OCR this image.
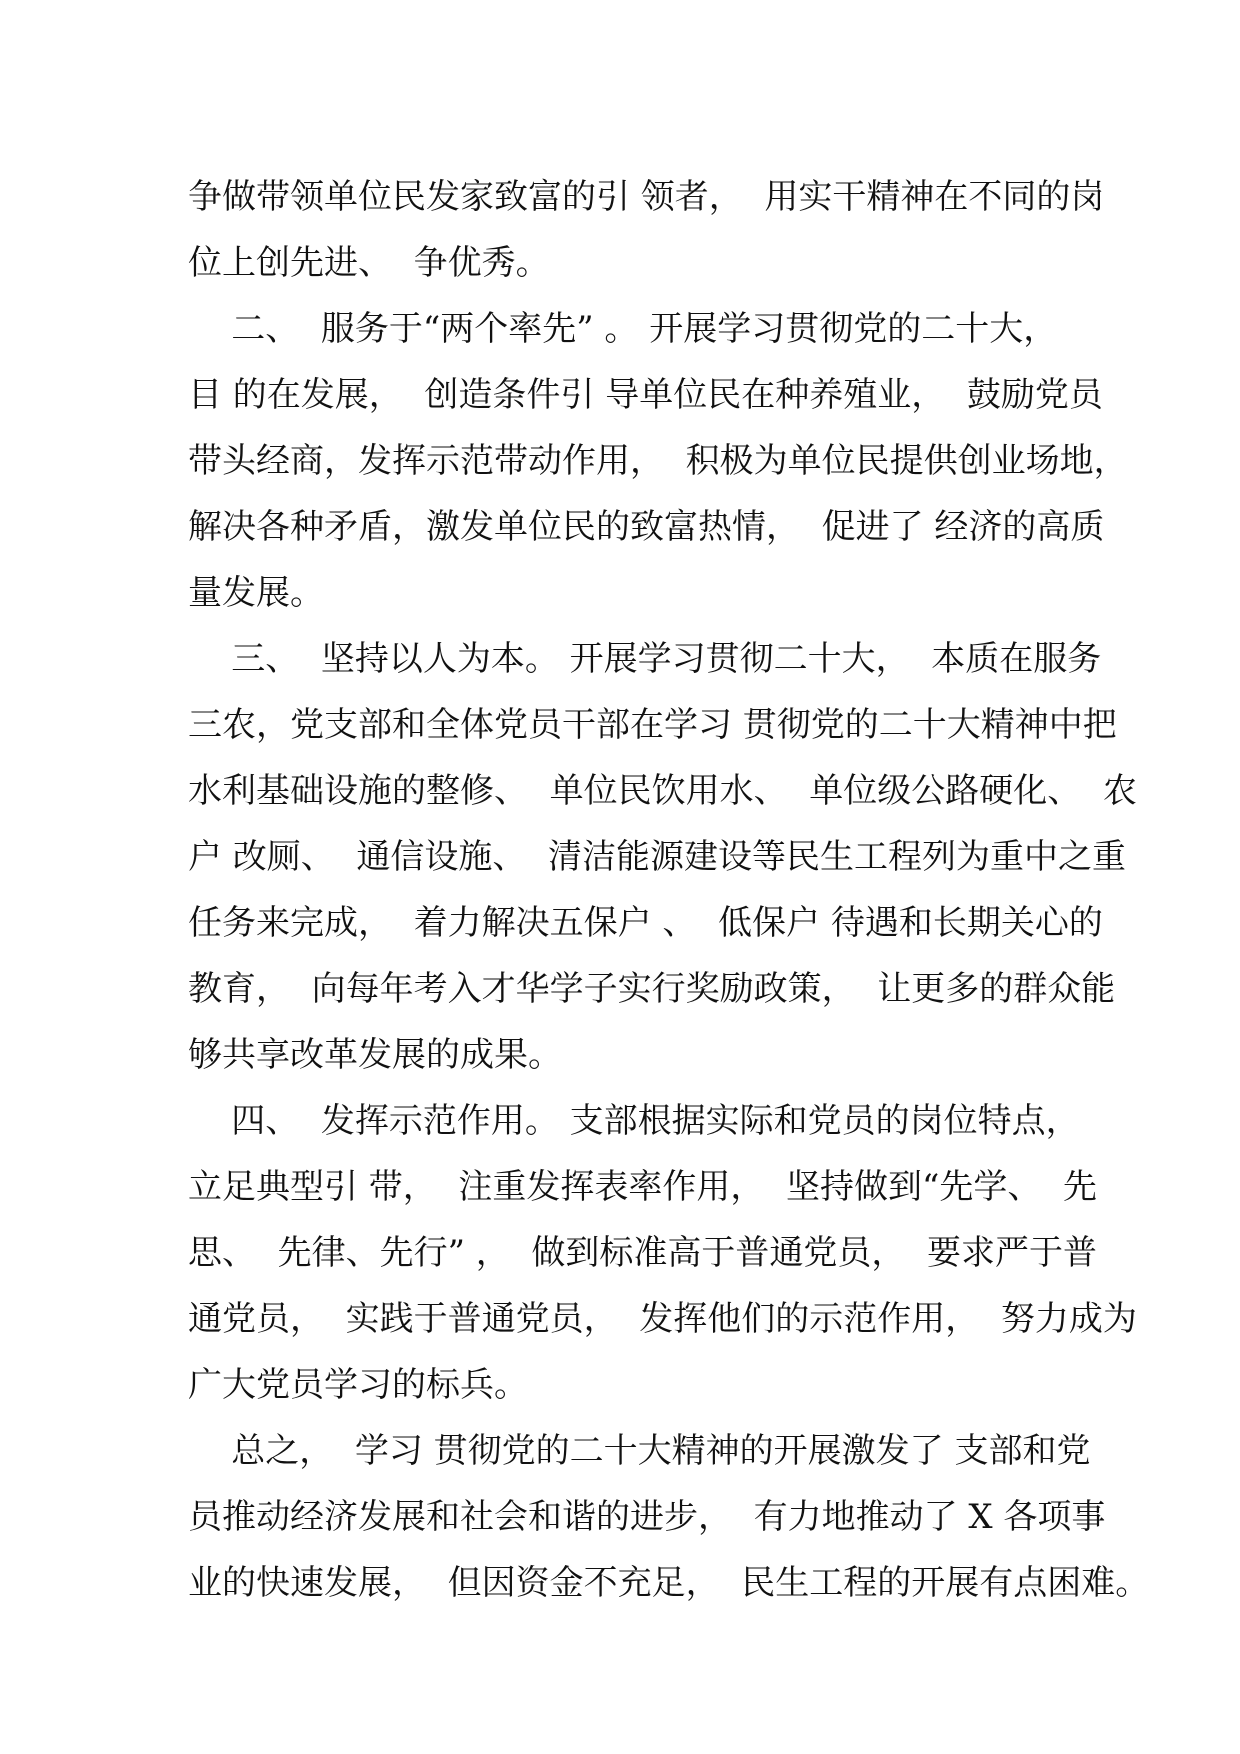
争做带领单位民发家致富的引 领者，  用实干精神在不同的岗
位上创先进、  争优秀。
二、  服务于“两个率先” 。 开展学习贯彻党的二十大，
目 的在发展，  创造条件引 导单位民在种养殖业，  鼓励党员
带头经商，发挥示范带动作用，  积极为单位民提供创业场地，
解决各种矛盾，激发单位民的致富热情，  促进了 经济的高质
量发展。
三、  坚持以人为本。 开展学习贯彻二十大，  本质在服务
三农，党支部和全体党员干部在学习 贯彻党的二十大精神中把
水利基础设施的整修、  单位民饮用水、  单位级公路硬化、  农
户 改厕、  通信设施、  清洁能源建设等民生工程列为重中之重
任务来完成，  着力解决五保户 、  低保户 待遇和长期关心的
教育，  向每年考入才华学子实行奖励政策，  让更多的群众能
够共享改革发展的成果。
四、  发挥示范作用。 支部根据实际和党员的岗位特点，
立足典型引 带，  注重发挥表率作用，  坚持做到“先学、  先
思、  先律、先行” ，  做到标准高于普通党员，  要求严于普
通党员，  实践于普通党员，  发挥他们的示范作用，  努力成为
广大党员学习的标兵。
总之，  学习 贯彻党的二十大精神的开展激发了 支部和党
员推动经济发展和社会和谐的进步，  有力地推动了 X 各项事
业的快速发展，  但因资金不充足，  民生工程的开展有点困难。
